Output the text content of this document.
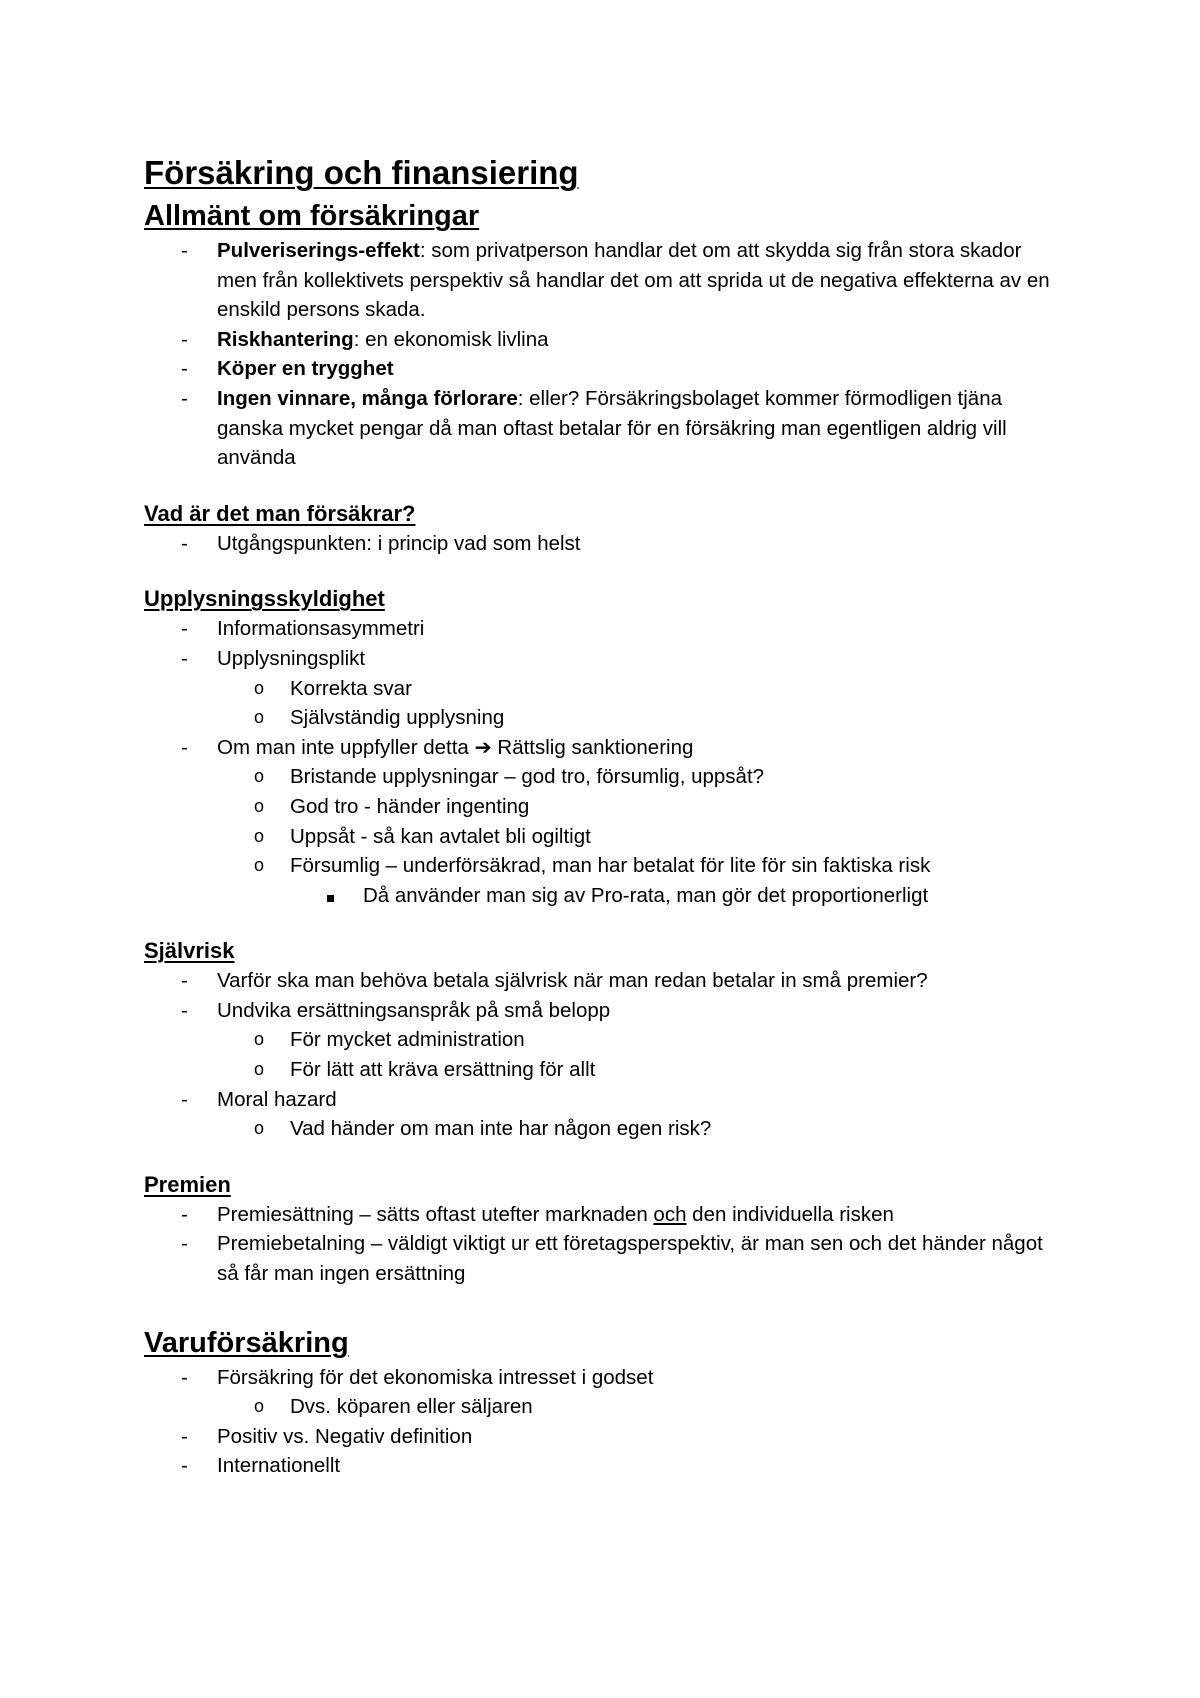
Försäkring och finansiering
Allmänt om försäkringar
- Pulveriserings-effekt: som privatperson handlar det om att skydda sig från stora skador men från kollektivets perspektiv så handlar det om att sprida ut de negativa effekterna av en enskild persons skada.
- Riskhantering: en ekonomisk livlina
- Köper en trygghet
- Ingen vinnare, många förlorare: eller? Försäkringsbolaget kommer förmodligen tjäna ganska mycket pengar då man oftast betalar för en försäkring man egentligen aldrig vill använda
Vad är det man försäkrar?
- Utgångspunkten: i princip vad som helst
Upplysningsskyldighet
- Informationsasymmetri
- Upplysningsplikt
o Korrekta svar
o Självständig upplysning
- Om man inte uppfyller detta ➔ Rättslig sanktionering
o Bristande upplysningar – god tro, försumlig, uppsåt?
o God tro - händer ingenting
o Uppsåt - så kan avtalet bli ogiltigt
o Försumlig – underförsäkrad, man har betalat för lite för sin faktiska risk
Då använder man sig av Pro-rata, man gör det proportionerligt
Självrisk
- Varför ska man behöva betala självrisk när man redan betalar in små premier?
- Undvika ersättningsanspråk på små belopp
o För mycket administration
o För lätt att kräva ersättning för allt
- Moral hazard
o Vad händer om man inte har någon egen risk?
Premien
- Premiesättning – sätts oftast utefter marknaden och den individuella risken
- Premiebetalning – väldigt viktigt ur ett företagsperspektiv, är man sen och det händer något så får man ingen ersättning
Varuförsäkring
- Försäkring för det ekonomiska intresset i godset
o Dvs. köparen eller säljaren
- Positiv vs. Negativ definition
- Internationellt
